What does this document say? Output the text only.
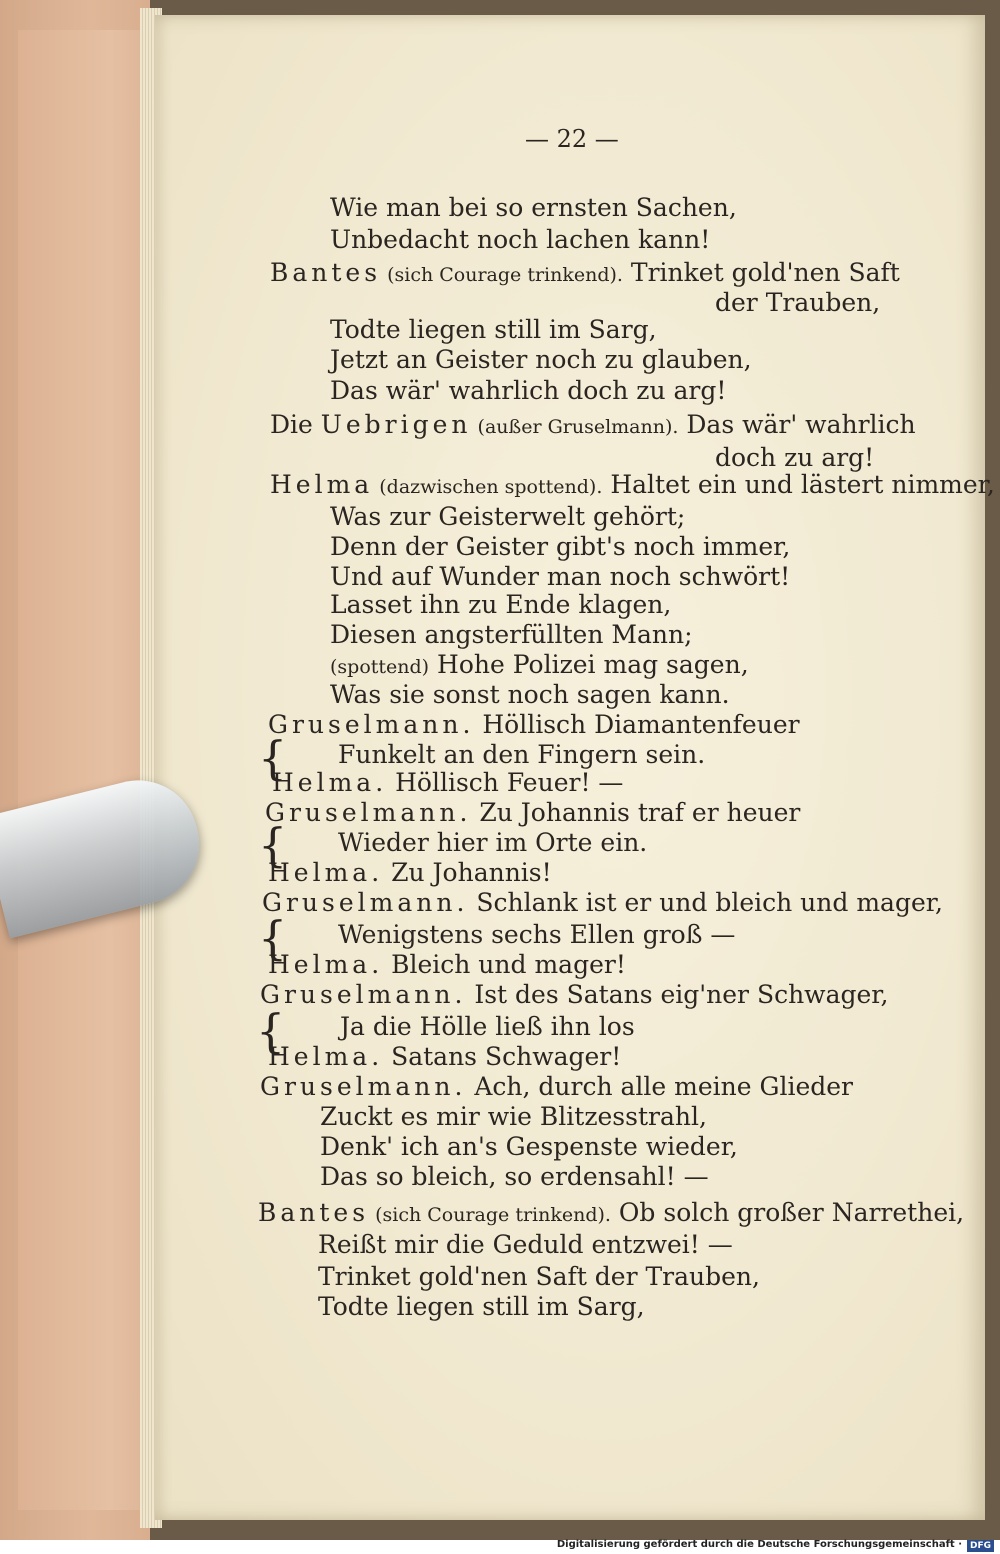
— 22 —
Wie man bei so ernsten Sachen,
Unbedacht noch lachen kann!
Bantes (sich Courage trinkend). Trinket gold'nen Saft
der Trauben,
Todte liegen still im Sarg,
Jetzt an Geister noch zu glauben,
Das wär' wahrlich doch zu arg!
Die Uebrigen (außer Gruselmann). Das wär' wahrlich
doch zu arg!
Helma (dazwischen spottend). Haltet ein und lästert nimmer,
Was zur Geisterwelt gehört;
Denn der Geister gibt's noch immer,
Und auf Wunder man noch schwört!
Lasset ihn zu Ende klagen,
Diesen angsterfüllten Mann;
(spottend) Hohe Polizei mag sagen,
Was sie sonst noch sagen kann.
Gruselmann. Höllisch Diamantenfeuer
{ Funkelt an den Fingern sein.
Helma. Höllisch Feuer! —
Gruselmann. Zu Johannis traf er heuer
{ Wieder hier im Orte ein.
Helma. Zu Johannis!
Gruselmann. Schlank ist er und bleich und mager,
{ Wenigstens sechs Ellen groß —
Helma. Bleich und mager!
Gruselmann. Ist des Satans eig'ner Schwager,
{ Ja die Hölle ließ ihn los
Helma. Satans Schwager!
Gruselmann. Ach, durch alle meine Glieder
Zuckt es mir wie Blitzesstrahl,
Denk' ich an's Gespenste wieder,
Das so bleich, so erdensahl! —
Bantes (sich Courage trinkend). Ob solch großer Narrethei,
Reißt mir die Geduld entzwei! —
Trinket gold'nen Saft der Trauben,
Todte liegen still im Sarg,
Digitalisierung gefördert durch die Deutsche Forschungsgemeinschaft · DFG
